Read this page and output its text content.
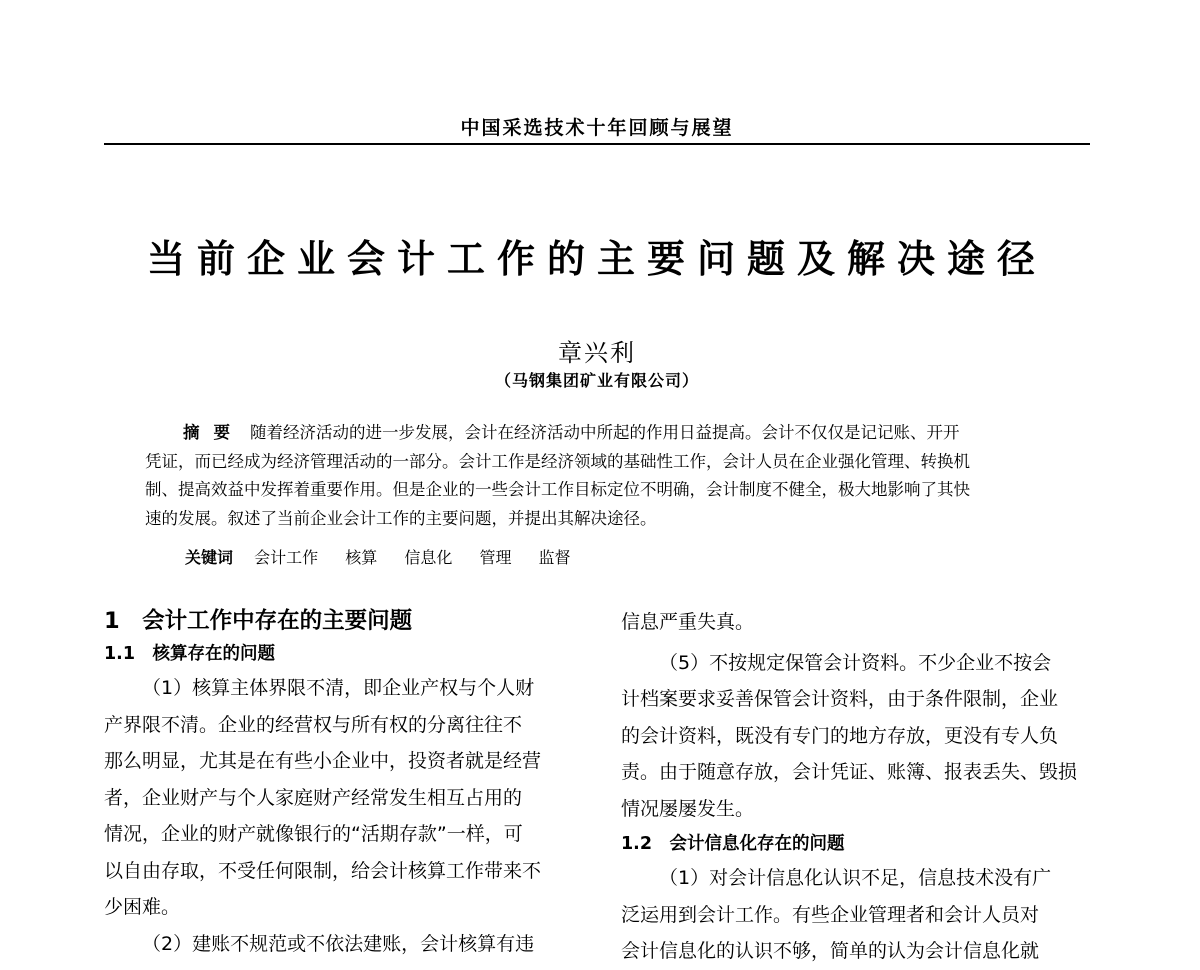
中国采选技术十年回顾与展望
当前企业会计工作的主要问题及解决途径
章兴利
（马钢集团矿业有限公司）
摘要 随着经济活动的进一步发展，会计在经济活动中所起的作用日益提高。会计不仅仅是记记账、开开
凭证，而已经成为经济管理活动的一部分。会计工作是经济领域的基础性工作，会计人员在企业强化管理、转换机
制、提高效益中发挥着重要作用。但是企业的一些会计工作目标定位不明确，会计制度不健全，极大地影响了其快
速的发展。叙述了当前企业会计工作的主要问题，并提出其解决途径。
关键词 会计工作 核算 信息化 管理 监督
1　会计工作中存在的主要问题
1.1　核算存在的问题
（1）核算主体界限不清，即企业产权与个人财
产界限不清。企业的经营权与所有权的分离往往不
那么明显，尤其是在有些小企业中，投资者就是经营
者，企业财产与个人家庭财产经常发生相互占用的
情况，企业的财产就像银行的“活期存款”一样，可
以自由存取，不受任何限制，给会计核算工作带来不
少困难。
（2）建账不规范或不依法建账，会计核算有违
信息严重失真。
（5）不按规定保管会计资料。不少企业不按会
计档案要求妥善保管会计资料，由于条件限制，企业
的会计资料，既没有专门的地方存放，更没有专人负
责。由于随意存放，会计凭证、账簿、报表丢失、毁损
情况屡屡发生。
1.2　会计信息化存在的问题
（1）对会计信息化认识不足，信息技术没有广
泛运用到会计工作。有些企业管理者和会计人员对
会计信息化的认识不够，简单的认为会计信息化就
